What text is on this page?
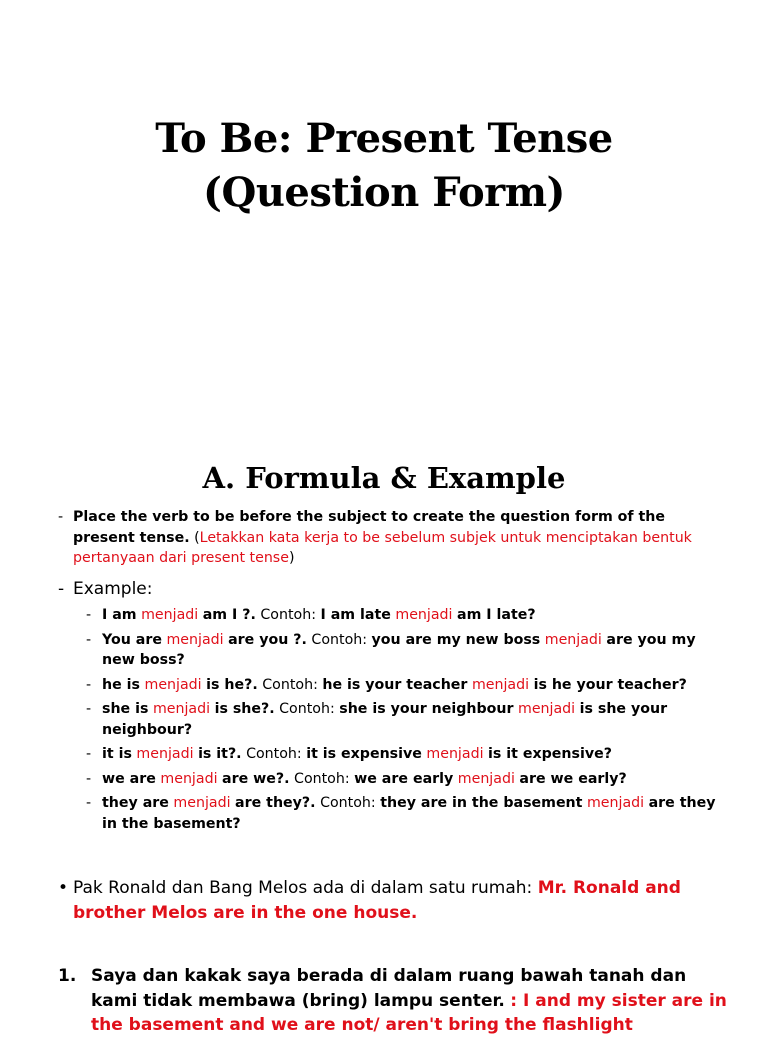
To Be: Present Tense
(Question Form)
A. Formula & Example
- Place the verb to be before the subject to create the question form of the present tense. (Letakkan kata kerja to be sebelum subjek untuk menciptakan bentuk pertanyaan dari present tense)
- Example:
- I am menjadi am I ?. Contoh: I am late menjadi am I late?
- You are menjadi are you ?. Contoh: you are my new boss menjadi are you my new boss?
- he is menjadi is he?. Contoh: he is your teacher menjadi is he your teacher?
- she is menjadi is she?. Contoh: she is your neighbour menjadi is she your neighbour?
- it is menjadi is it?. Contoh: it is expensive menjadi is it expensive?
- we are menjadi are we?. Contoh: we are early menjadi are we early?
- they are menjadi are they?. Contoh: they are in the basement menjadi are they in the basement?
• Pak Ronald dan Bang Melos ada di dalam satu rumah: Mr. Ronald and brother Melos are in the one house.
1. Saya dan kakak saya berada di dalam ruang bawah tanah dan kami tidak membawa (bring) lampu senter. : I and my sister are in the basement and we are not/ aren't bring the flashlight
